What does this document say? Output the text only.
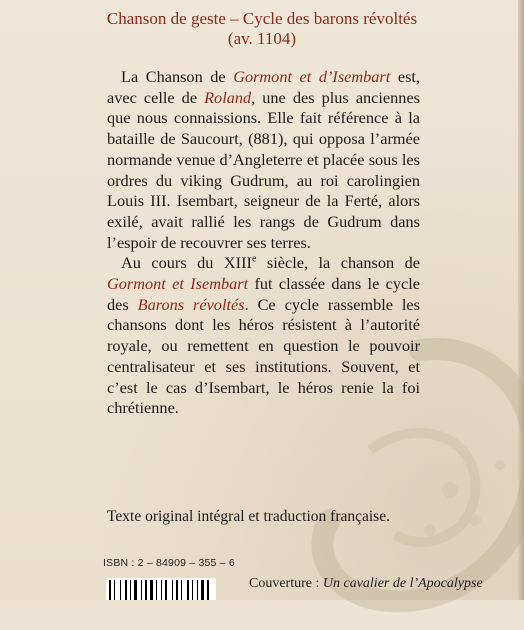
Chanson de geste – Cycle des barons révoltés
(av. 1104)

La Chanson de Gormont et d’Isembart est, avec celle de Roland, une des plus anciennes que nous connaissions. Elle fait référence à la bataille de Saucourt, (881), qui opposa l’armée normande venue d’Angleterre et placée sous les ordres du viking Gudrum, au roi carolingien Louis III. Isembart, seigneur de la Ferté, alors exilé, avait rallié les rangs de Gudrum dans l’espoir de recouvrer ses terres.

Au cours du XIIIe siècle, la chanson de Gormont et Isembart fut classée dans le cycle des Barons révoltés. Ce cycle rassemble les chansons dont les héros résistent à l’autorité royale, ou remettent en question le pouvoir centralisateur et ses institutions. Souvent, et c’est le cas d’Isembart, le héros renie la foi chrétienne.

Texte original intégral et traduction française.
ISBN : 2 – 84909 – 355 – 6
Couverture : Un cavalier de l’Apocalypse
